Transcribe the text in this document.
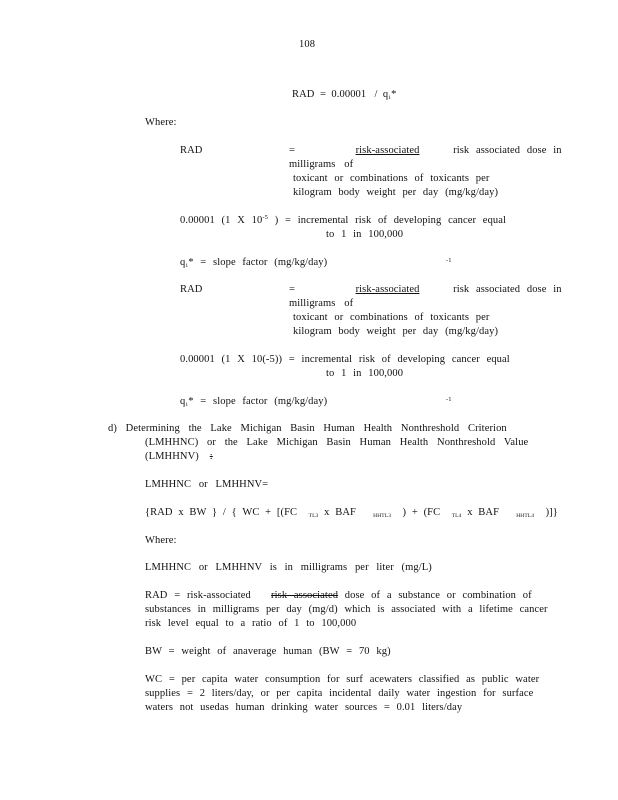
108
RAD = 0.00001 / q1*
Where:
RAD	=	risk-associated	risk associated dose in
milligrams of
toxicant or combinations of toxicants per
kilogram body weight per day (mg/kg/day)
0.00001 (1 X $10^{-5}$ ) = incremental risk of developing cancer equal
to 1 in 100,000
q1* = slope factor (mg/kg/day)	-1
RAD	=	risk-associated	risk associated dose in
milligrams of
toxicant or combinations of toxicants per
kilogram body weight per day (mg/kg/day)
0.00001 (1 X 10(-5)) = incremental risk of developing cancer equal
to 1 in 100,000
q1* = slope factor (mg/kg/day)	-1
d) Determining the Lake Michigan Basin Human Health Nonthreshold Criterion
(LMHHNC) or the Lake Michigan Basin Human Health Nonthreshold Value
(LMHHNV) :
LMHHNC or LMHHNV=
{RAD x BW } / { WC + [(FC TL3 x BAF	HHTL3 ) + (FC TL4 x BAF	HHTL4 )]}
Where:
LMHHNC or LMHHNV is in milligrams per liter (mg/L)
RAD = risk-associated risk associated dose of a substance or combination of
substances in milligrams per day (mg/d) which is associated with a lifetime cancer
risk level equal to a ratio of 1 to 100,000
BW = weight of anaverage human (BW = 70 kg)
WC = per capita water consumption for surf acewaters classified as public water
supplies = 2 liters/day, or per capita incidental daily water ingestion for surface
waters not usedas human drinking water sources = 0.01 liters/day
